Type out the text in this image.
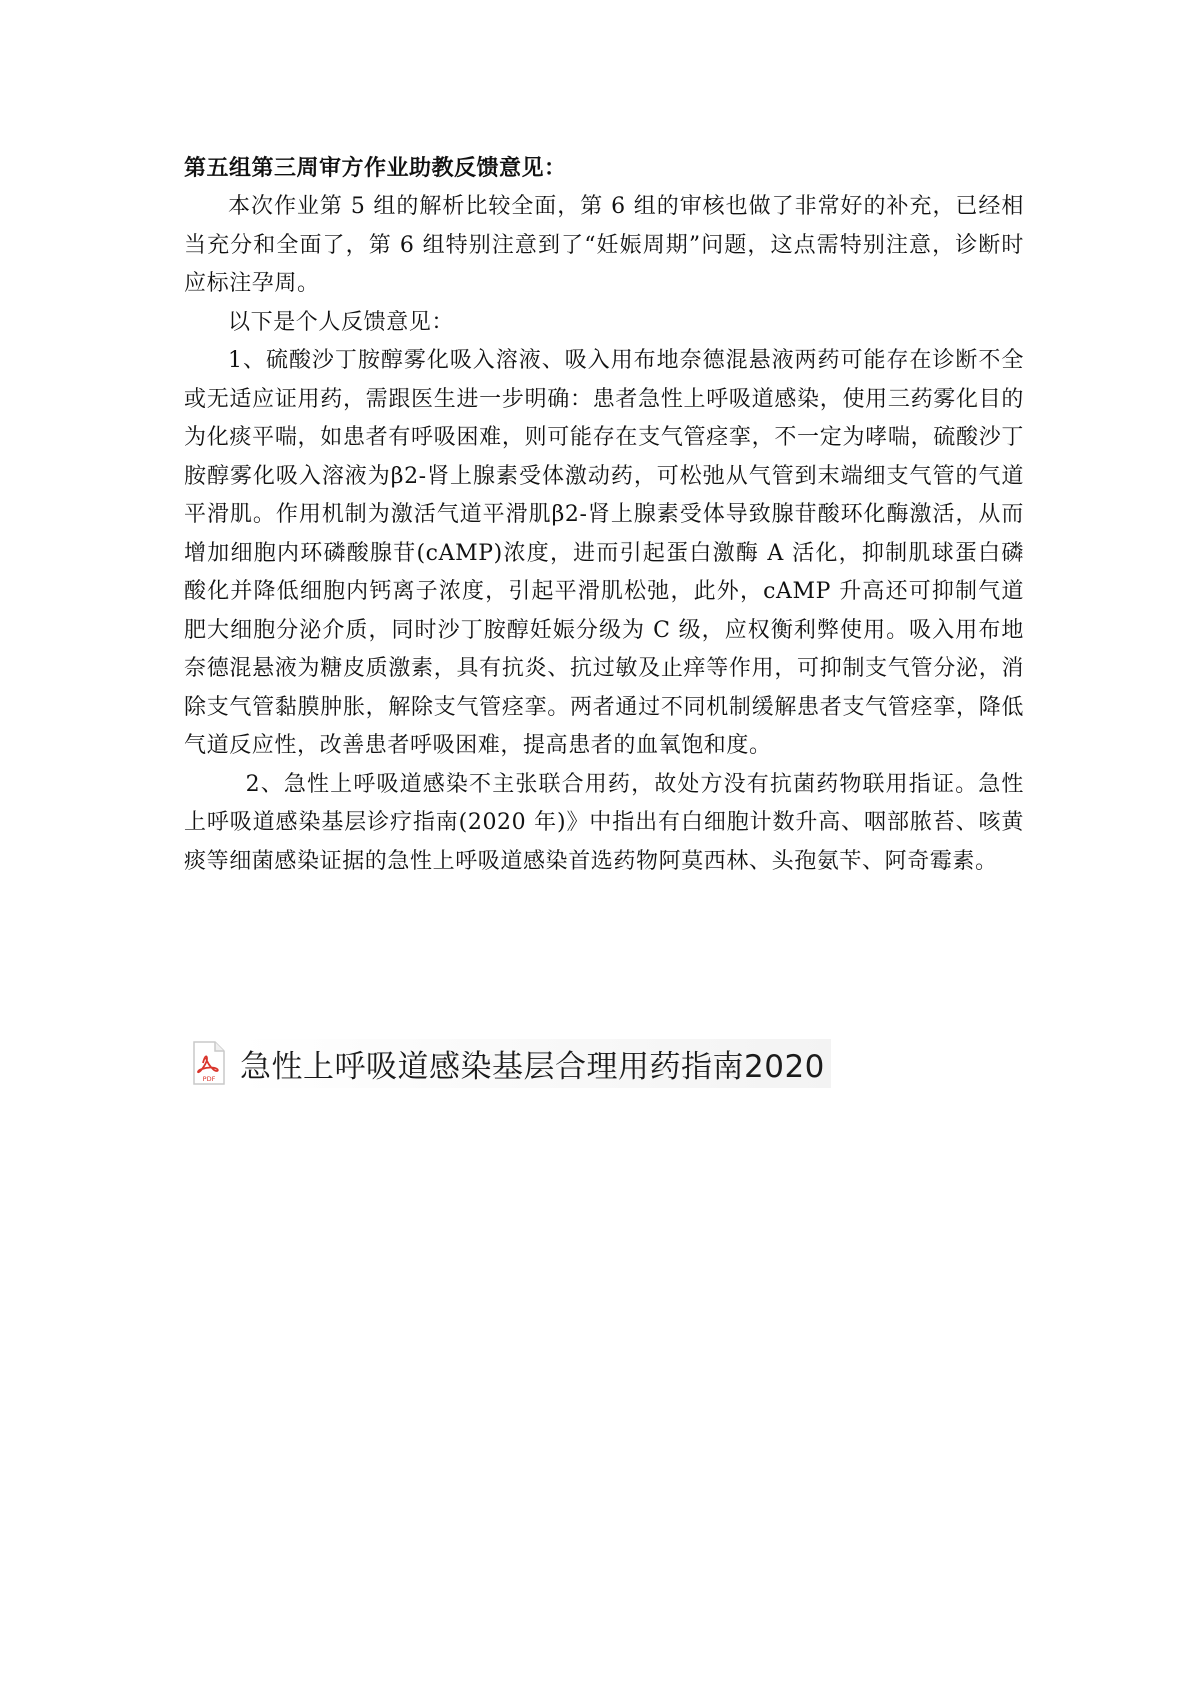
第五组第三周审方作业助教反馈意见：

本次作业第 5 组的解析比较全面，第 6 组的审核也做了非常好的补充，已经相当充分和全面了，第 6 组特别注意到了“妊娠周期”问题，这点需特别注意，诊断时应标注孕周。

以下是个人反馈意见：

1、硫酸沙丁胺醇雾化吸入溶液、吸入用布地奈德混悬液两药可能存在诊断不全或无适应证用药，需跟医生进一步明确：患者急性上呼吸道感染，使用三药雾化目的为化痰平喘，如患者有呼吸困难，则可能存在支气管痉挛，不一定为哮喘，硫酸沙丁胺醇雾化吸入溶液为β2-肾上腺素受体激动药，可松弛从气管到末端细支气管的气道平滑肌。作用机制为激活气道平滑肌β2-肾上腺素受体导致腺苷酸环化酶激活，从而增加细胞内环磷酸腺苷(cAMP)浓度，进而引起蛋白激酶 A 活化，抑制肌球蛋白磷酸化并降低细胞内钙离子浓度，引起平滑肌松弛，此外，cAMP 升高还可抑制气道肥大细胞分泌介质，同时沙丁胺醇妊娠分级为 C 级，应权衡利弊使用。吸入用布地奈德混悬液为糖皮质激素，具有抗炎、抗过敏及止痒等作用，可抑制支气管分泌，消除支气管黏膜肿胀，解除支气管痉挛。两者通过不同机制缓解患者支气管痉挛，降低气道反应性，改善患者呼吸困难，提高患者的血氧饱和度。

2、急性上呼吸道感染不主张联合用药，故处方没有抗菌药物联用指证。急性上呼吸道感染基层诊疗指南(2020 年)》中指出有白细胞计数升高、咽部脓苔、咳黄痰等细菌感染证据的急性上呼吸道感染首选药物阿莫西林、头孢氨苄、阿奇霉素。

PDF 急性上呼吸道感染基层合理用药指南2020
